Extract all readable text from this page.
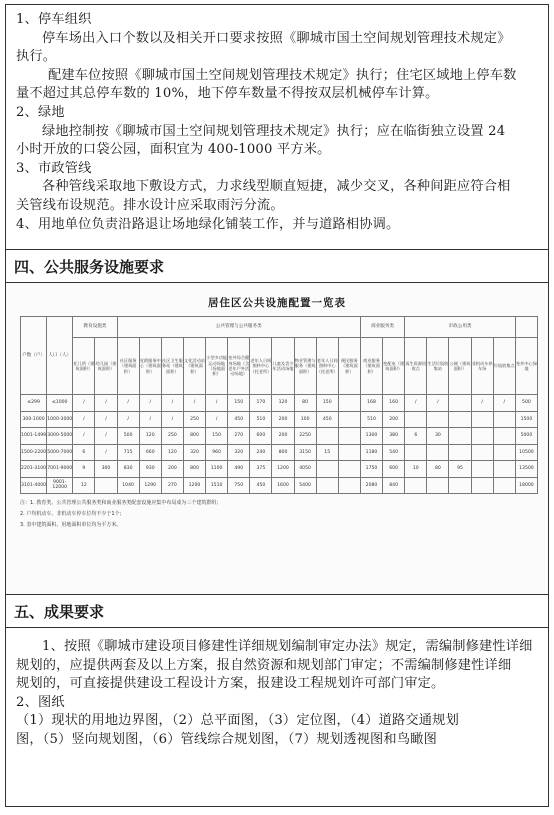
1、停车组织
停车场出入口个数以及相关开口要求按照《聊城市国土空间规划管理技术规定》
执行。
配建车位按照《聊城市国土空间规划管理技术规定》执行；住宅区域地上停车数
量不超过其总停车数的 10%，地下停车数量不得按双层机械停车计算。
2、绿地
绿地控制按《聊城市国土空间规划管理技术规定》执行；应在临街独立设置 24
小时开放的口袋公园，面积宜为 400-1000 平方米。
3、市政管线
各种管线采取地下敷设方式，力求线型顺直短捷，减少交叉，各种间距应符合相
关管线布设规范。排水设计应采取雨污分流。
4、用地单位负责沿路退让场地绿化铺装工作，并与道路相协调。
四、公共服务设施要求
居住区公共设施配置一览表
户数（户）	人口（人）	教育设施类		公共管理与公共服务类											商业服务类		市政公用类					
		托儿所（建筑面积）	幼儿园（建筑面积）	社区服务（建筑面积）	党群服务中心（建筑面积）	社区卫生服务站（建筑面积）	文化活动站（建筑面积）	小型多功能运动场地（场地面积）	室外综合健身场地（含老年户外活动场地）	老年人日间照料中心（托老所）	儿童及青少年活动场地	物业管理与服务（建筑面积）	老年人日间照料中心（托老所）	便民服务（建筑面积）	商业服务（建筑面积）	变配电（建筑面积）	再生资源回收点	生活垃圾收集站	公厕（建筑面积）	非机动车停车场	垃圾收集点	室外中心绿地
≤299	≤1000	/	/	/	/	/	/	/	150	170	120	80	150		168	160	/	/		/	/	500
300-1000	1000-3000	/	/	/	/	/	250	/	450	510	200	100	450		510	200						1500
1001-1499	3000-5000	/	/	500	120	250	800	150	270	600	200	2250			1300	380	6	30				5000
1500-2200	5000-7000	6	/	715	660	120	320	960	320	240	800	3150	15		1180	540						10500
2201-3100	7001-9000	9	300	830	930	200	800	1100	490	375	1200	4050			1750	600	10	80	95			13500
3101-4000	9001-12000	12		1040	1290	270	1200	1510	750	450	1600	5400			2080	840						18000
注：1. 教育类、公共管理公共服务类和商业服务类配套设施应集中布局成为三个建筑群组；
2. 户均机动车、非机动车停车位均不少于1个；
3. 表中建筑面积、用地面积单位均为平方米。
五、成果要求
1、按照《聊城市建设项目修建性详细规划编制审定办法》规定，需编制修建性详细
规划的，应提供两套及以上方案，报自然资源和规划部门审定；不需编制修建性详细
规划的，可直接提供建设工程设计方案，报建设工程规划许可部门审定。
2、图纸
（1）现状的用地边界图，（2）总平面图，（3）定位图，（4）道路交通规划
图，（5）竖向规划图，（6）管线综合规划图，（7）规划透视图和鸟瞰图
